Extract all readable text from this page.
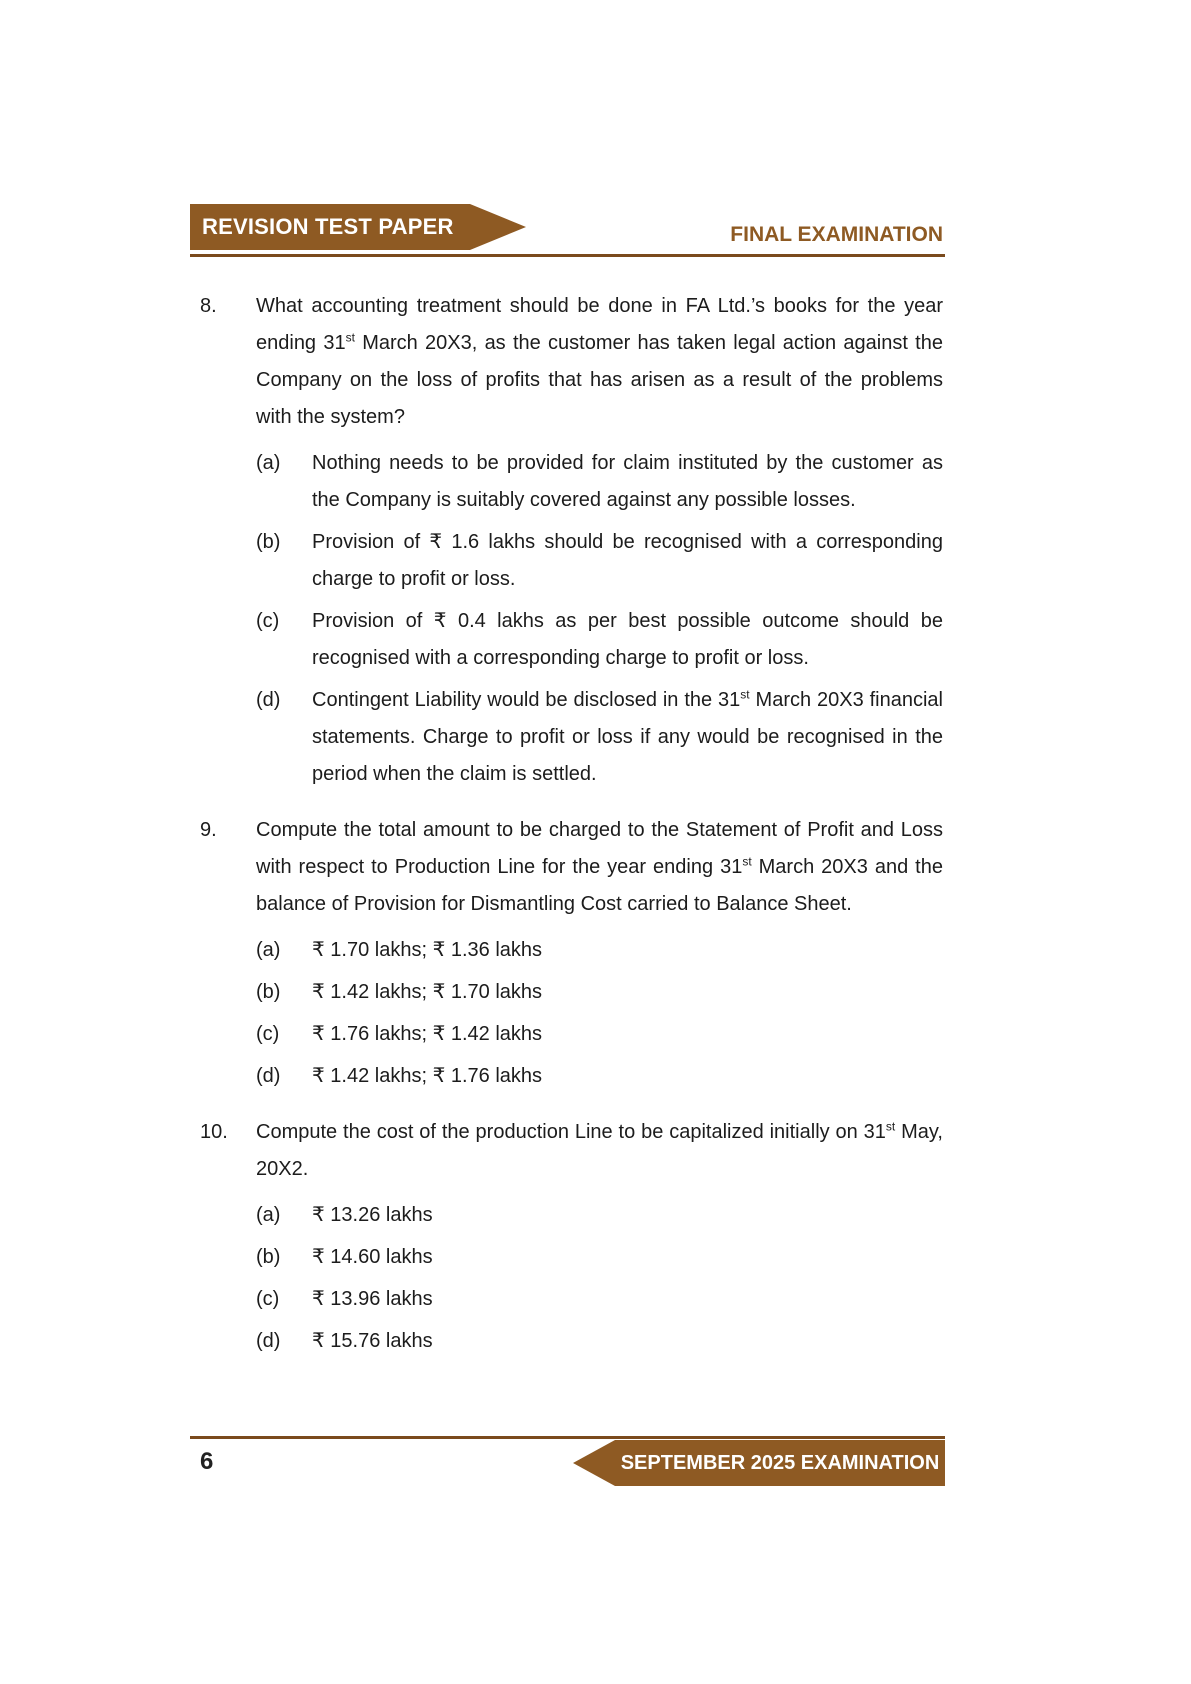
REVISION TEST PAPER	FINAL EXAMINATION
8.	What accounting treatment should be done in FA Ltd.’s books for the year ending 31st March 20X3, as the customer has taken legal action against the Company on the loss of profits that has arisen as a result of the problems with the system?

(a)	Nothing needs to be provided for claim instituted by the customer as the Company is suitably covered against any possible losses.

(b)	Provision of ₹ 1.6 lakhs should be recognised with a corresponding charge to profit or loss.

(c)	Provision of ₹ 0.4 lakhs as per best possible outcome should be recognised with a corresponding charge to profit or loss.

(d)	Contingent Liability would be disclosed in the 31st March 20X3 financial statements. Charge to profit or loss if any would be recognised in the period when the claim is settled.

9.	Compute the total amount to be charged to the Statement of Profit and Loss with respect to Production Line for the year ending 31st March 20X3 and the balance of Provision for Dismantling Cost carried to Balance Sheet.

(a)	₹ 1.70 lakhs; ₹ 1.36 lakhs

(b)	₹ 1.42 lakhs; ₹ 1.70 lakhs

(c)	₹ 1.76 lakhs; ₹ 1.42 lakhs

(d)	₹ 1.42 lakhs; ₹ 1.76 lakhs

10.	Compute the cost of the production Line to be capitalized initially on 31st May, 20X2.

(a)	₹ 13.26 lakhs

(b)	₹ 14.60 lakhs

(c)	₹ 13.96 lakhs

(d)	₹ 15.76 lakhs

6	SEPTEMBER 2025 EXAMINATION
